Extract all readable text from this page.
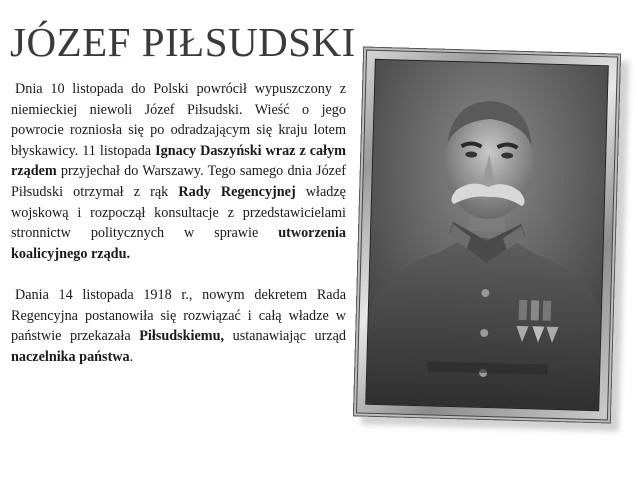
JÓZEF PIŁSUDSKI

Dnia 10 listopada do Polski powrócił wypuszczony z niemieckiej niewoli Józef Piłsudski. Wieść o jego powrocie rozniosła się po odradzającym się kraju lotem błyskawicy. 11 listopada Ignacy Daszyński wraz z całym rządem przyjechał do Warszawy. Tego samego dnia Józef Piłsudski otrzymał z rąk Rady Regencyjnej władzę wojskową i rozpoczął konsultacje z przedstawicielami stronnictw politycznych w sprawie utworzenia koalicyjnego rządu.

Dania 14 listopada 1918 r., nowym dekretem Rada Regencyjna postanowiła się rozwiązać i całą władze w państwie przekazała Piłsudskiemu, ustanawiając urząd naczelnika państwa.
